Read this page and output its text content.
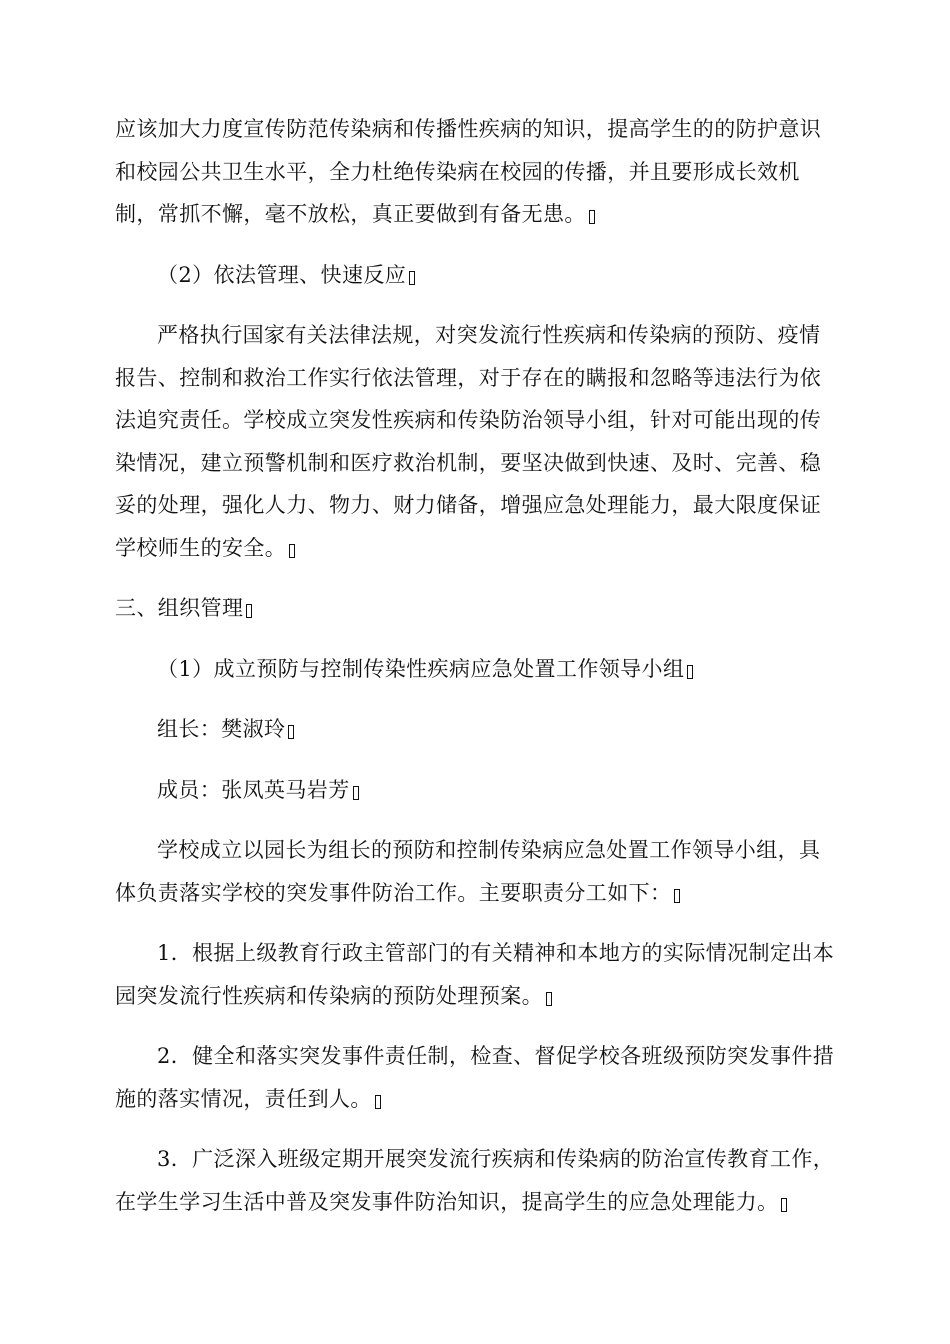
应该加大力度宣传防范传染病和传播性疾病的知识，提高学生的的防护意识和校园公共卫生水平，全力杜绝传染病在校园的传播，并且要形成长效机制，常抓不懈，毫不放松，真正要做到有备无患。

（2）依法管理、快速反应

严格执行国家有关法律法规，对突发流行性疾病和传染病的预防、疫情报告、控制和救治工作实行依法管理，对于存在的瞒报和忽略等违法行为依法追究责任。学校成立突发性疾病和传染防治领导小组，针对可能出现的传染情况，建立预警机制和医疗救治机制，要坚决做到快速、及时、完善、稳妥的处理，强化人力、物力、财力储备，增强应急处理能力，最大限度保证学校师生的安全。

三、组织管理

（1）成立预防与控制传染性疾病应急处置工作领导小组

组长：樊淑玲

成员：张凤英马岩芳

学校成立以园长为组长的预防和控制传染病应急处置工作领导小组，具体负责落实学校的突发事件防治工作。主要职责分工如下：

1．根据上级教育行政主管部门的有关精神和本地方的实际情况制定出本园突发流行性疾病和传染病的预防处理预案。

2．健全和落实突发事件责任制，检查、督促学校各班级预防突发事件措施的落实情况，责任到人。

3．广泛深入班级定期开展突发流行疾病和传染病的防治宣传教育工作，在学生学习生活中普及突发事件防治知识，提高学生的应急处理能力。
